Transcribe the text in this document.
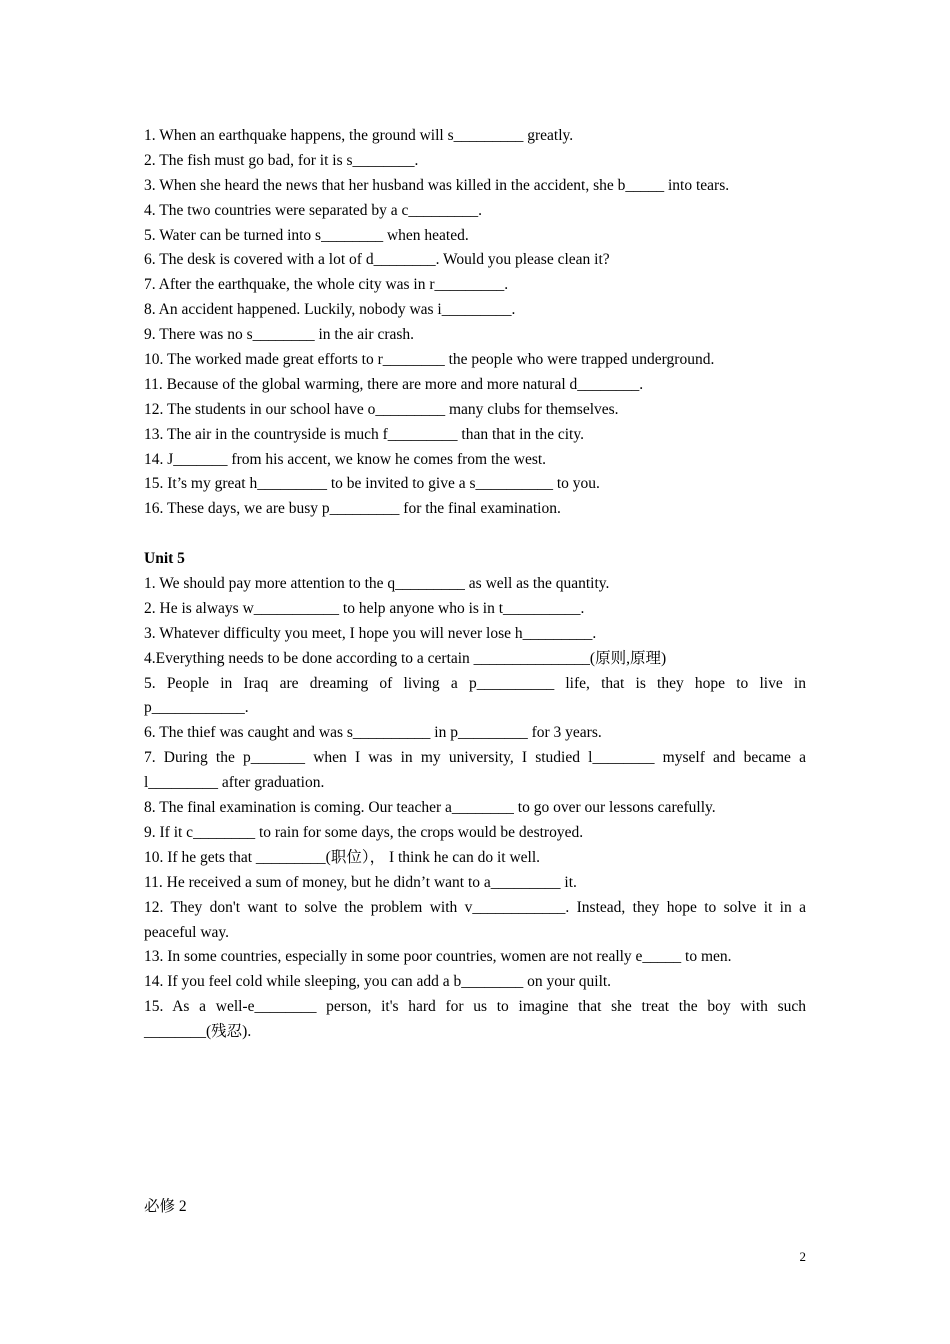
1. When an earthquake happens, the ground will s_________ greatly.
2. The fish must go bad, for it is s________.
3. When she heard the news that her husband was killed in the accident, she b_____ into tears.
4. The two countries were separated by a c_________.
5. Water can be turned into s________ when heated.
6. The desk is covered with a lot of d________. Would you please clean it?
7. After the earthquake, the whole city was in r_________.
8. An accident happened. Luckily, nobody was i_________.
9. There was no s________ in the air crash.
10. The worked made great efforts to r________ the people who were trapped underground.
11. Because of the global warming, there are more and more natural d________.
12. The students in our school have o_________ many clubs for themselves.
13. The air in the countryside is much f_________ than that in the city.
14. J_______ from his accent, we know he comes from the west.
15. It’s my great h_________ to be invited to give a s__________ to you.
16. These days, we are busy p_________ for the final examination.
Unit 5
1. We should pay more attention to the q_________ as well as the quantity.
2. He is always w___________ to help anyone who is in t__________.
3. Whatever difficulty you meet, I hope you will never lose h_________.
4.Everything needs to be done according to a certain _______________(原则,原理)
5. People in Iraq are dreaming of living a p__________ life, that is they hope to live in
p____________.
6. The thief was caught and was s__________ in p_________ for 3 years.
7. During the p_______ when I was in my university, I studied l________ myself and became a
l_________ after graduation.
8. The final examination is coming. Our teacher a________ to go over our lessons carefully.
9. If it c________ to rain for some days, the crops would be destroyed.
10. If he gets that _________(职位）， I think he can do it well.
11. He received a sum of money, but he didn’t want to a_________ it.
12. They don't want to solve the problem with v____________. Instead, they hope to solve it in a
peaceful way.
13. In some countries, especially in some poor countries, women are not really e_____ to men.
14. If you feel cold while sleeping, you can add a b________ on your quilt.
15. As a well-e________ person, it's hard for us to imagine that she treat the boy with such
________(残忍).
必修 2
2
